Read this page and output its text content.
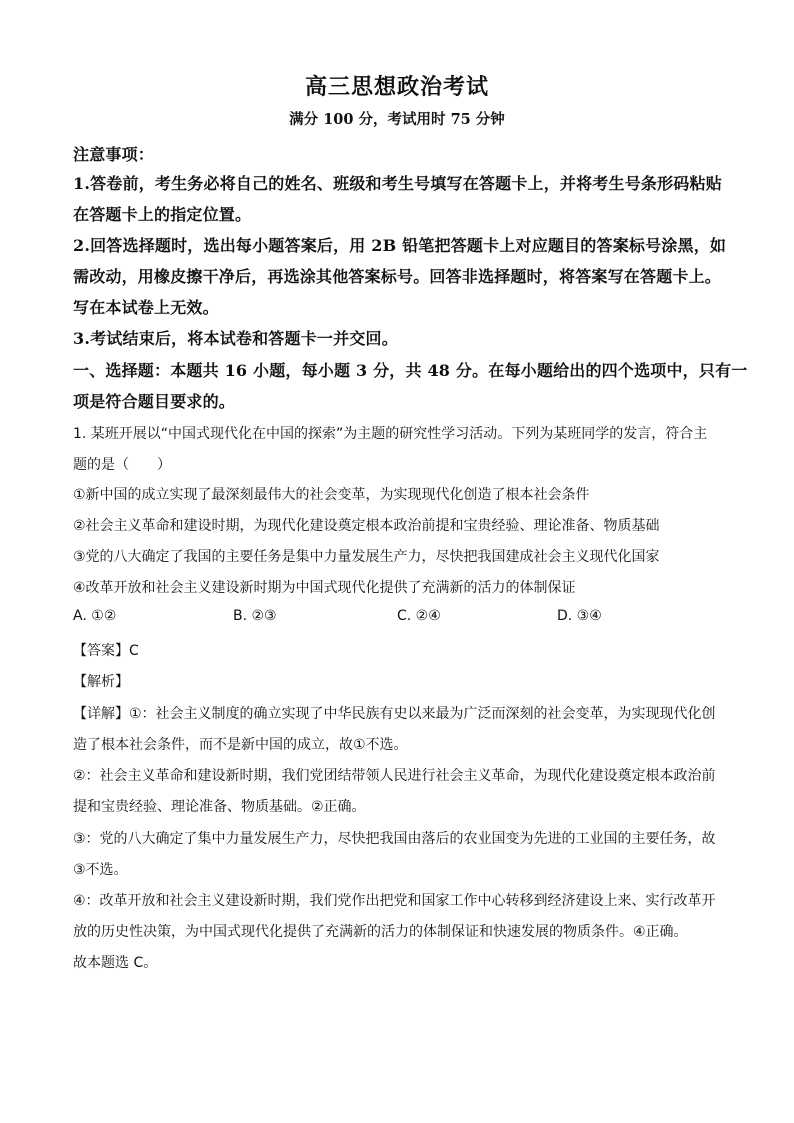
高三思想政治考试
满分 100 分，考试用时 75 分钟
注意事项：
1.答卷前，考生务必将自己的姓名、班级和考生号填写在答题卡上，并将考生号条形码粘贴
在答题卡上的指定位置。
2.回答选择题时，选出每小题答案后，用 2B 铅笔把答题卡上对应题目的答案标号涂黑，如
需改动，用橡皮擦干净后，再选涂其他答案标号。回答非选择题时，将答案写在答题卡上。
写在本试卷上无效。
3.考试结束后，将本试卷和答题卡一并交回。
一、选择题：本题共 16 小题，每小题 3 分，共 48 分。在每小题给出的四个选项中，只有一
项是符合题目要求的。
1. 某班开展以“中国式现代化在中国的探索”为主题的研究性学习活动。下列为某班同学的发言，符合主
题的是（　　）
①新中国的成立实现了最深刻最伟大的社会变革，为实现现代化创造了根本社会条件
②社会主义革命和建设时期，为现代化建设奠定根本政治前提和宝贵经验、理论准备、物质基础
③党的八大确定了我国的主要任务是集中力量发展生产力，尽快把我国建成社会主义现代化国家
④改革开放和社会主义建设新时期为中国式现代化提供了充满新的活力的体制保证
A. ①②	B. ②③	C. ②④	D. ③④
【答案】C
【解析】
【详解】①：社会主义制度的确立实现了中华民族有史以来最为广泛而深刻的社会变革，为实现现代化创
造了根本社会条件，而不是新中国的成立，故①不选。
②：社会主义革命和建设新时期，我们党团结带领人民进行社会主义革命，为现代化建设奠定根本政治前
提和宝贵经验、理论准备、物质基础。②正确。
③：党的八大确定了集中力量发展生产力，尽快把我国由落后的农业国变为先进的工业国的主要任务，故
③不选。
④：改革开放和社会主义建设新时期，我们党作出把党和国家工作中心转移到经济建设上来、实行改革开
放的历史性决策，为中国式现代化提供了充满新的活力的体制保证和快速发展的物质条件。④正确。
故本题选 C。
